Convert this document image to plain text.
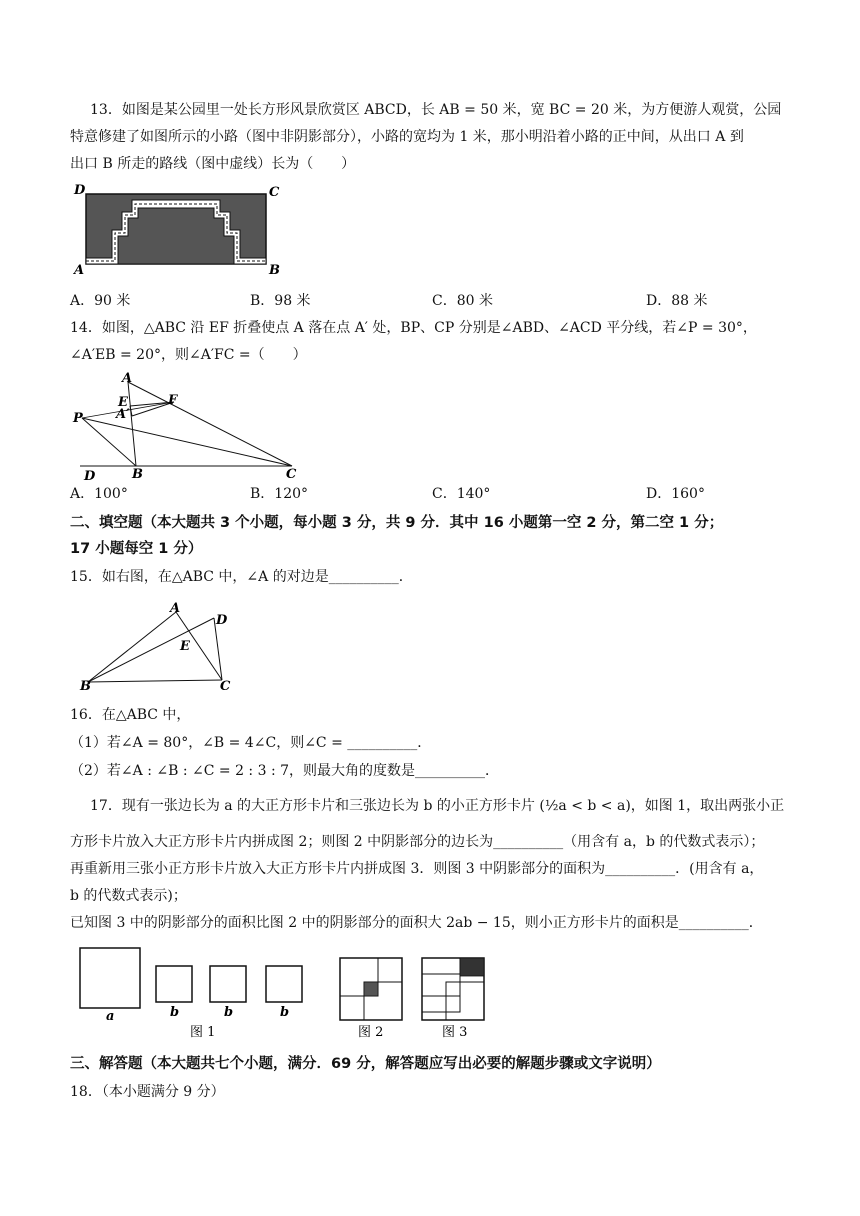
13．如图是某公园里一处长方形风景欣赏区 ABCD，长 AB = 50 米，宽 BC = 20 米，为方便游人观赏，公园
特意修建了如图所示的小路（图中非阴影部分），小路的宽均为 1 米，那小明沿着小路的正中间，从出口 A 到
出口 B 所走的路线（图中虚线）长为（　　）
D	C
A	B
A．90 米	B．98 米	C．80 米	D．88 米
14．如图，△ABC 沿 EF 折叠使点 A 落在点 A′ 处，BP、CP 分别是∠ABD、∠ACD 平分线，若∠P = 30°，
∠A′EB = 20°，则∠A′FC =（　　）
A
E
A′
F
P
D	B	C
A．100°	B．120°	C．140°	D．160°
二、填空题（本大题共 3 个小题，每小题 3 分，共 9 分．其中 16 小题第一空 2 分，第二空 1 分；
17 小题每空 1 分）
15．如右图，在△ABC 中，∠A 的对边是__________．
A
D
E
B	C
16．在△ABC 中，
（1）若∠A = 80°，∠B = 4∠C，则∠C = __________．
（2）若∠A : ∠B : ∠C = 2 : 3 : 7，则最大角的度数是__________．
17．现有一张边长为 a 的大正方形卡片和三张边长为 b 的小正方形卡片 (½a < b < a)，如图 1，取出两张小正
方形卡片放入大正方形卡片内拼成图 2；则图 2 中阴影部分的边长为__________（用含有 a，b 的代数式表示）；
再重新用三张小正方形卡片放入大正方形卡片内拼成图 3．则图 3 中阴影部分的面积为__________．(用含有 a，
b 的代数式表示)；
已知图 3 中的阴影部分的面积比图 2 中的阴影部分的面积大 2ab − 15，则小正方形卡片的面积是__________．
a	b	b	b
图 1	图 2	图 3
三、解答题（本大题共七个小题，满分．69 分，解答题应写出必要的解题步骤或文字说明）
18．（本小题满分 9 分）
